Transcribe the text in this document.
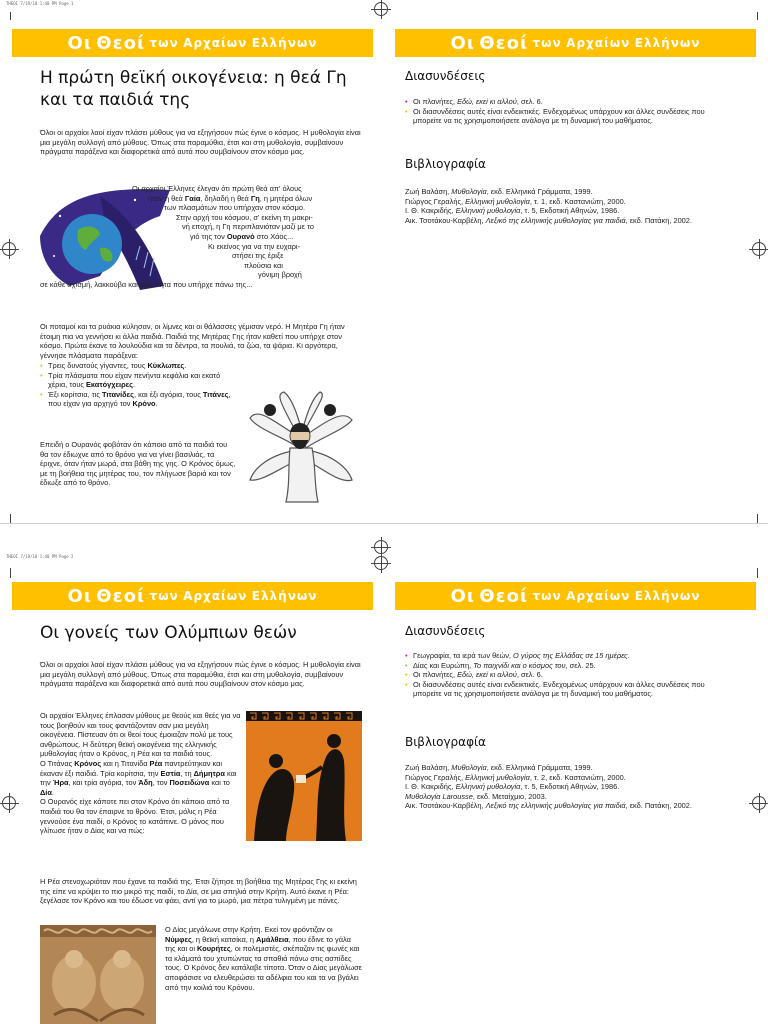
THEOI 7/19/10 1:40 PM Page 1
Οι
Θεοί
των
Αρχαίων
Ελλήνων	Οι
Θεοί
των
Αρχαίων
Ελλήνων
Η πρώτη θεϊκή οικογένεια: η θεά Γη
και τα παιδιά της
Όλοι οι αρχαίοι λαοί είχαν πλάσει μύθους για να εξηγήσουν πώς έγινε ο κόσμος. Η μυθολογία είναι μια μεγάλη συλλογή από μύθους. Όπως στα παραμύθια, έτσι και στη μυθολογία, συμβαίνουν πράγματα παράξενα και διαφορετικά από αυτά που συμβαίνουν στον κόσμο μας.
Οι αρχαίοι Έλληνες έλεγαν ότι πρώτη θεά απ' όλους
ήταν η θεά Γαία, δηλαδή η θεά Γη, η μητέρα όλων
των πλασμάτων που υπήρχαν στον κόσμο.
Στην αρχή του κόσμου, σ' εκείνη τη μακρι-
νή εποχή, η Γη περιπλανιόταν μαζί με το
γιό της τον Ουρανό στο Χάος...
Κι εκείνος για να την ευχαρι-
στήσει της έριξε
πλούσια και
γόνιμη βροχή
σε κάθε σχισμή, λακκούβα και κοιλότητα που υπήρχε πάνω της...
Οι ποταμοί και τα ρυάκια κύλησαν, οι λίμνες και οι θάλασσες γέμισαν νερό. Η Μητέρα Γη ήταν έτοιμη πια να γεννήσει κι άλλα παιδιά. Παιδιά της Μητέρας Γης ήταν καθετί που υπήρχε στον κόσμο. Πρώτα έκανε τα λουλούδια και τα δέντρα, τα πουλιά, τα ζώα, τα ψάρια. Κι αργότερα, γέννησε πλάσματα παράξενα:
• Τρεις δυνατούς γίγαντες, τους Κύκλωπες.
• Τρία πλάσματα που είχαν πενήντα κεφάλια και εκατό χέρια, τους Εκατόγχειρες.
• Έξι κορίτσια, τις Τιτανίδες, και έξι αγόρια, τους Τιτάνες, που είχαν για αρχηγό τον Κρόνο.
Επειδή ο Ουρανός φοβόταν ότι κάποιο από τα παιδιά του θα τον έδιωχνε από το θρόνο για να γίνει βασιλιάς, τα έριχνε, όταν ήταν μωρά, στα βάθη της γης. Ο Κρόνος όμως, με τη βοήθεια της μητέρας του, τον πλήγωσε βαριά και τον έδιωξε από το θρόνο.
Διασυνδέσεις
• Οι πλανήτες, Εδώ, εκεί κι αλλού, σελ. 6.
• Οι διασυνδέσεις αυτές είναι ενδεικτικές. Ενδεχομένως υπάρχουν και άλλες συνδέσεις που μπορείτε να τις χρησιμοποιήσετε ανάλογα με τη δυναμική του μαθήματος.
Βιβλιογραφία
Ζωή Βαλάση, Μυθολογία, εκδ. Ελληνικά Γράμματα, 1999.
Γιώργος Γεραλής, Ελληνική μυθολογία, τ. 1, εκδ. Καστανιώτη, 2000.
Ι. Θ. Κακριδής, Ελληνική μυθολογία, τ. 5, Εκδοτική Αθηνών, 1986.
Αικ. Τσοτάκου-Καρβέλη, Λεξικό της ελληνικής μυθολογίας για παιδιά, εκδ. Πατάκη, 2002.
THEOI 7/19/10 1:40 PM Page 2
Οι
Θεοί
των
Αρχαίων
Ελλήνων	Οι
Θεοί
των
Αρχαίων
Ελλήνων
Οι γονείς των Ολύμπιων θεών
Όλοι οι αρχαίοι λαοί είχαν πλάσει μύθους για να εξηγήσουν πώς έγινε ο κόσμος. Η μυθολογία είναι μια μεγάλη συλλογή από μύθους. Όπως στα παραμύθια, έτσι και στη μυθολογία, συμβαίνουν πράγματα παράξενα και διαφορετικά από αυτά που συμβαίνουν στον κόσμο μας.
Οι αρχαίοι Έλληνες έπλασαν μύθους με θεούς και θεές για να τους βοηθούν και τους φαντάζονταν σαν μια μεγάλη οικογένεια. Πίστευαν ότι οι θεοί τους έμοιαζαν πολύ με τους ανθρώπους. Η δεύτερη θεϊκή οικογένεια της ελληνικής μυθολογίας ήταν ο Κρόνος, η Ρέα και τα παιδιά τους.
Ο Τιτάνας Κρόνος και η Τιτανίδα Ρέα παντρεύτηκαν και έκαναν έξι παιδιά. Τρία κορίτσια, την Εστία, τη Δήμητρα και την Ήρα, και τρία αγόρια, τον Άδη, τον Ποσειδώνα και το Δία.
Ο Ουρανός είχε κάποτε πει στον Κρόνο ότι κάποιο από τα παιδιά του θα τον έπαιρνε το θρόνο. Έτσι, μόλις η Ρέα γεννούσε ένα παιδί, ο Κρόνος το κατάπινε. Ο μόνος που γλίτωσε ήταν ο Δίας και να πώς:
Η Ρέα στενοχωριόταν που έχανε τα παιδιά της. Έτσι ζήτησε τη βοήθεια της Μητέρας Γης κι εκείνη της είπε να κρύψει το πιο μικρό της παιδί, το Δία, σε μια σπηλιά στην Κρήτη. Αυτό έκανε η Ρέα: ξεγέλασε τον Κρόνο και του έδωσε να φάει, αντί για το μωρό, μια πέτρα τυλιγμένη με πάνες.
Ο Δίας μεγάλωνε στην Κρήτη. Εκεί τον φρόντιζαν οι Νύμφες, η θεϊκή κατσίκα, η Αμάλθεια, που έδινε το γάλα της και οι Κουρήτες, οι πολεμιστές, σκέπαζαν τις φωνές και τα κλάματά του χτυπώντας τα σπαθιά πάνω στις ασπίδες τους. Ο Κρόνος δεν κατάλαβε τίποτα. Όταν ο Δίας μεγάλωσε αποφάσισε να ελευθερώσει τα αδέλφια του και τα να βγάλει από την κοιλιά του Κρόνου.
Διασυνδέσεις
• Γεωγραφία, τα ιερά των θεών, Ο γύρος της Ελλάδας σε 15 ημέρες.
• Δίας και Ευρώπη, Το παιχνίδι και ο κόσμος του, σελ. 25.
• Οι πλανήτες, Εδώ, εκεί κι αλλού, σελ. 6.
• Οι διασυνδέσεις αυτές είναι ενδεικτικές. Ενδεχομένως υπάρχουν και άλλες συνδέσεις που μπορείτε να τις χρησιμοποιήσετε ανάλογα με τη δυναμική του μαθήματος.
Βιβλιογραφία
Ζωή Βαλάση, Μυθολογία, εκδ. Ελληνικά Γράμματα, 1999.
Γιώργος Γεραλής, Ελληνική μυθολογία, τ. 2, εκδ. Καστανιώτη, 2000.
Ι. Θ. Κακριδής, Ελληνική μυθολογία, τ. 5, Εκδοτική Αθηνών, 1986.
Μυθολογία Larousse, εκδ. Μεταίχμιο, 2003.
Αικ. Τσοτάκου-Καρβέλη, Λεξικό της ελληνικής μυθολογίας για παιδιά, εκδ. Πατάκη, 2002.
